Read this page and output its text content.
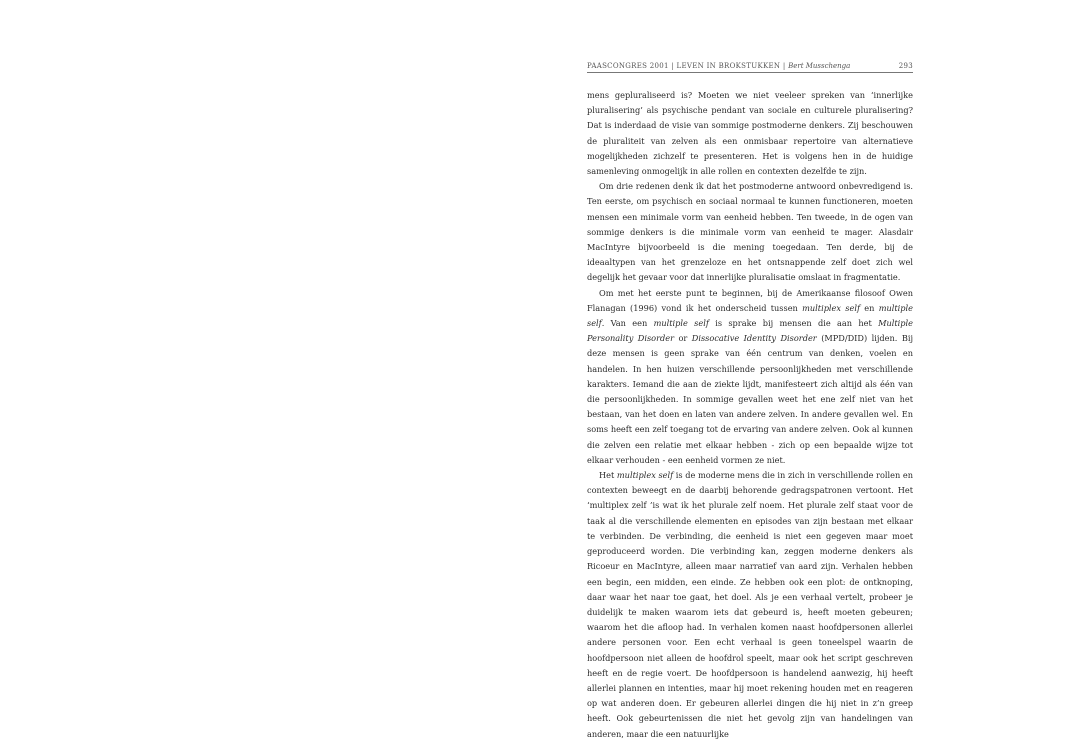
PAASCONGRES 2001 | LEVEN IN BROKSTUKKEN | Bert Musschenga	293

mens gepluraliseerd is? Moeten we niet veeleer spreken van ‘innerlijke pluralisering’ als psychische pendant van sociale en culturele pluralisering? Dat is inderdaad de visie van sommige postmoderne denkers. Zij beschouwen de pluraliteit van zelven als een onmisbaar repertoire van alternatieve mogelijkheden zichzelf te presenteren. Het is volgens hen in de huidige samenleving onmogelijk in alle rollen en contexten dezelfde te zijn.

Om drie redenen denk ik dat het postmoderne antwoord onbevredigend is. Ten eerste, om psychisch en sociaal normaal te kunnen functioneren, moeten mensen een minimale vorm van eenheid hebben. Ten tweede, in de ogen van sommige denkers is die minimale vorm van eenheid te mager. Alasdair MacIntyre bijvoorbeeld is die mening toegedaan. Ten derde, bij de ideaaltypen van het grenzeloze en het ontsnappende zelf doet zich wel degelijk het gevaar voor dat innerlijke pluralisatie omslaat in fragmentatie.

Om met het eerste punt te beginnen, bij de Amerikaanse filosoof Owen Flanagan (1996) vond ik het onderscheid tussen multiplex self en multiple self. Van een multiple self is sprake bij mensen die aan het Multiple Personality Disorder or Dissocative Identity Disorder (MPD/DID) lijden. Bij deze mensen is geen sprake van één centrum van denken, voelen en handelen. In hen huizen verschillende persoonlijkheden met verschillende karakters. Iemand die aan de ziekte lijdt, manifesteert zich altijd als één van die persoonlijkheden. In sommige gevallen weet het ene zelf niet van het bestaan, van het doen en laten van andere zelven. In andere gevallen wel. En soms heeft een zelf toegang tot de ervaring van andere zelven. Ook al kunnen die zelven een relatie met elkaar hebben - zich op een bepaalde wijze tot elkaar verhouden - een eenheid vormen ze niet.

Het multiplex self is de moderne mens die in zich in verschillende rollen en contexten beweegt en de daarbij behorende gedragspatronen vertoont. Het ‘multiplex zelf ’is wat ik het plurale zelf noem. Het plurale zelf staat voor de taak al die verschillende elementen en episodes van zijn bestaan met elkaar te verbinden. De verbinding, die eenheid is niet een gegeven maar moet geproduceerd worden. Die verbinding kan, zeggen moderne denkers als Ricoeur en MacIntyre, alleen maar narratief van aard zijn. Verhalen hebben een begin, een midden, een einde. Ze hebben ook een plot: de ontknoping, daar waar het naar toe gaat, het doel. Als je een verhaal vertelt, probeer je duidelijk te maken waarom iets dat gebeurd is, heeft moeten gebeuren; waarom het die afloop had. In verhalen komen naast hoofdpersonen allerlei andere personen voor. Een echt verhaal is geen toneelspel waarin de hoofdpersoon niet alleen de hoofdrol speelt, maar ook het script geschreven heeft en de regie voert. De hoofdpersoon is handelend aanwezig, hij heeft allerlei plannen en intenties, maar hij moet rekening houden met en reageren op wat anderen doen. Er gebeuren allerlei dingen die hij niet in z’n greep heeft. Ook gebeurtenissen die niet het gevolg zijn van handelingen van anderen, maar die een natuurlijke
